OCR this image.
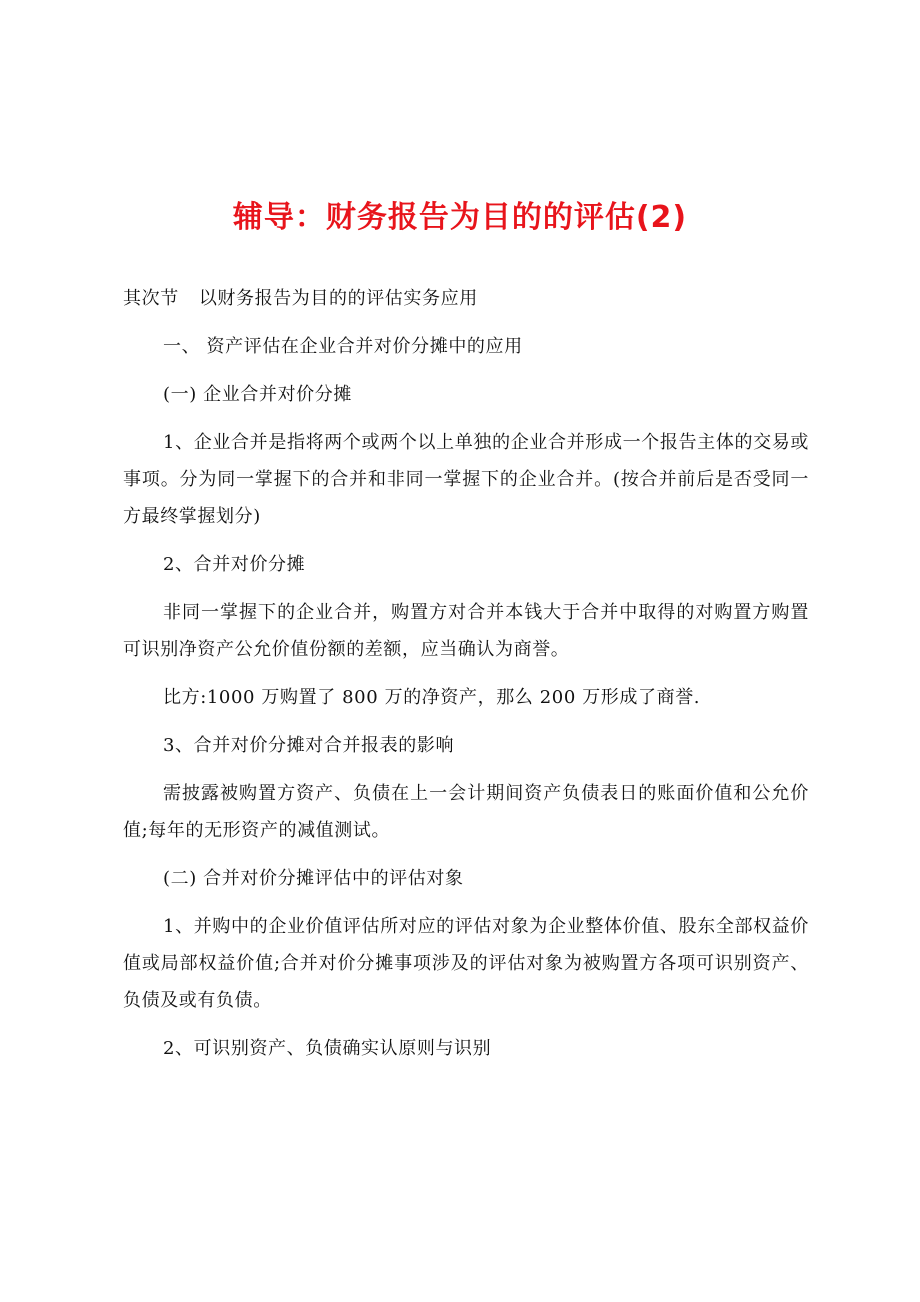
辅导：财务报告为目的的评估(2)

其次节 以财务报告为目的的评估实务应用

一、 资产评估在企业合并对价分摊中的应用

(一) 企业合并对价分摊

1、企业合并是指将两个或两个以上单独的企业合并形成一个报告主体的交易或事项。分为同一掌握下的合并和非同一掌握下的企业合并。(按合并前后是否受同一方最终掌握划分)

2、合并对价分摊

非同一掌握下的企业合并，购置方对合并本钱大于合并中取得的对购置方购置可识别净资产公允价值份额的差额，应当确认为商誉。

比方:1000 万购置了 800 万的净资产，那么 200 万形成了商誉.

3、合并对价分摊对合并报表的影响

需披露被购置方资产、负债在上一会计期间资产负债表日的账面价值和公允价值;每年的无形资产的减值测试。

(二) 合并对价分摊评估中的评估对象

1、并购中的企业价值评估所对应的评估对象为企业整体价值、股东全部权益价值或局部权益价值;合并对价分摊事项涉及的评估对象为被购置方各项可识别资产、负债及或有负债。

2、可识别资产、负债确实认原则与识别
